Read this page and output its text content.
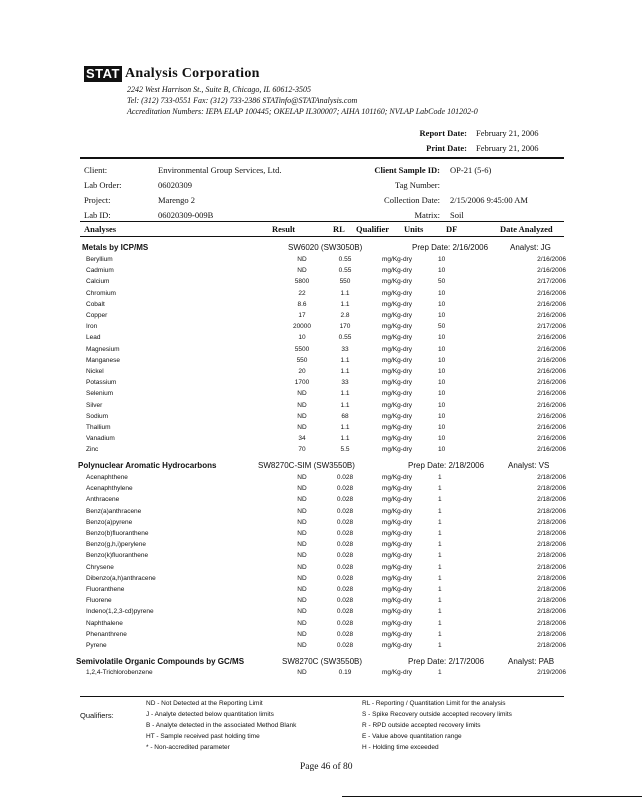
STAT Analysis Corporation
2242 West Harrison St., Suite B, Chicago, IL 60612-3505
Tel: (312) 733-0551 Fax: (312) 733-2386 STATinfo@STATAnalysis.com
Accreditation Numbers: IEPA ELAP 100445; OKELAP IL300007; AIHA 101160; NVLAP LabCode 101202-0
Report Date: February 21, 2006
Print Date: February 21, 2006
Client:	Environmental Group Services, Ltd.
Lab Order:	06020309
Project:	Marengo 2
Lab ID:	06020309-009B
Client Sample ID: OP-21 (5-6)
Tag Number:
Collection Date: 2/15/2006 9:45:00 AM
Matrix: Soil
Analyses	Result	RL Qualifier Units	DF	Date Analyzed
Metals by ICP/MS	SW6020 (SW3050B)	Prep Date: 2/16/2006	Analyst: JG
Beryllium	ND	0.55		mg/Kg-dry	10	2/16/2006
Cadmium	ND	0.55		mg/Kg-dry	10	2/16/2006
Calcium	5800	550		mg/Kg-dry	50	2/17/2006
Chromium	22	1.1		mg/Kg-dry	10	2/16/2006
Cobalt	8.6	1.1		mg/Kg-dry	10	2/16/2006
Copper	17	2.8		mg/Kg-dry	10	2/16/2006
Iron	20000	170		mg/Kg-dry	50	2/17/2006
Lead	10	0.55		mg/Kg-dry	10	2/16/2006
Magnesium	5500	33		mg/Kg-dry	10	2/16/2006
Manganese	550	1.1		mg/Kg-dry	10	2/16/2006
Nickel	20	1.1		mg/Kg-dry	10	2/16/2006
Potassium	1700	33		mg/Kg-dry	10	2/16/2006
Selenium	ND	1.1		mg/Kg-dry	10	2/16/2006
Silver	ND	1.1		mg/Kg-dry	10	2/16/2006
Sodium	ND	68		mg/Kg-dry	10	2/16/2006
Thallium	ND	1.1		mg/Kg-dry	10	2/16/2006
Vanadium	34	1.1		mg/Kg-dry	10	2/16/2006
Zinc	70	5.5		mg/Kg-dry	10	2/16/2006
Polynuclear Aromatic Hydrocarbons	SW8270C-SIM (SW3550B)	Prep Date: 2/18/2006	Analyst: VS
Acenaphthene	ND	0.028		mg/Kg-dry	1	2/18/2006
Acenaphthylene	ND	0.028		mg/Kg-dry	1	2/18/2006
Anthracene	ND	0.028		mg/Kg-dry	1	2/18/2006
Benz(a)anthracene	ND	0.028		mg/Kg-dry	1	2/18/2006
Benzo(a)pyrene	ND	0.028		mg/Kg-dry	1	2/18/2006
Benzo(b)fluoranthene	ND	0.028		mg/Kg-dry	1	2/18/2006
Benzo(g,h,i)perylene	ND	0.028		mg/Kg-dry	1	2/18/2006
Benzo(k)fluoranthene	ND	0.028		mg/Kg-dry	1	2/18/2006
Chrysene	ND	0.028		mg/Kg-dry	1	2/18/2006
Dibenzo(a,h)anthracene	ND	0.028		mg/Kg-dry	1	2/18/2006
Fluoranthene	ND	0.028		mg/Kg-dry	1	2/18/2006
Fluorene	ND	0.028		mg/Kg-dry	1	2/18/2006
Indeno(1,2,3-cd)pyrene	ND	0.028		mg/Kg-dry	1	2/18/2006
Naphthalene	ND	0.028		mg/Kg-dry	1	2/18/2006
Phenanthrene	ND	0.028		mg/Kg-dry	1	2/18/2006
Pyrene	ND	0.028		mg/Kg-dry	1	2/18/2006
Semivolatile Organic Compounds by GC/MS	SW8270C (SW3550B)	Prep Date: 2/17/2006	Analyst: PAB
1,2,4-Trichlorobenzene	ND	0.19		mg/Kg-dry	1	2/19/2006
Qualifiers:
ND - Not Detected at the Reporting Limit
J - Analyte detected below quantitation limits
B - Analyte detected in the associated Method Blank
HT - Sample received past holding time
* - Non-accredited parameter
RL - Reporting / Quantitation Limit for the analysis
S - Spike Recovery outside accepted recovery limits
R - RPD outside accepted recovery limits
E - Value above quantitation range
H - Holding time exceeded
Page 46 of 80
